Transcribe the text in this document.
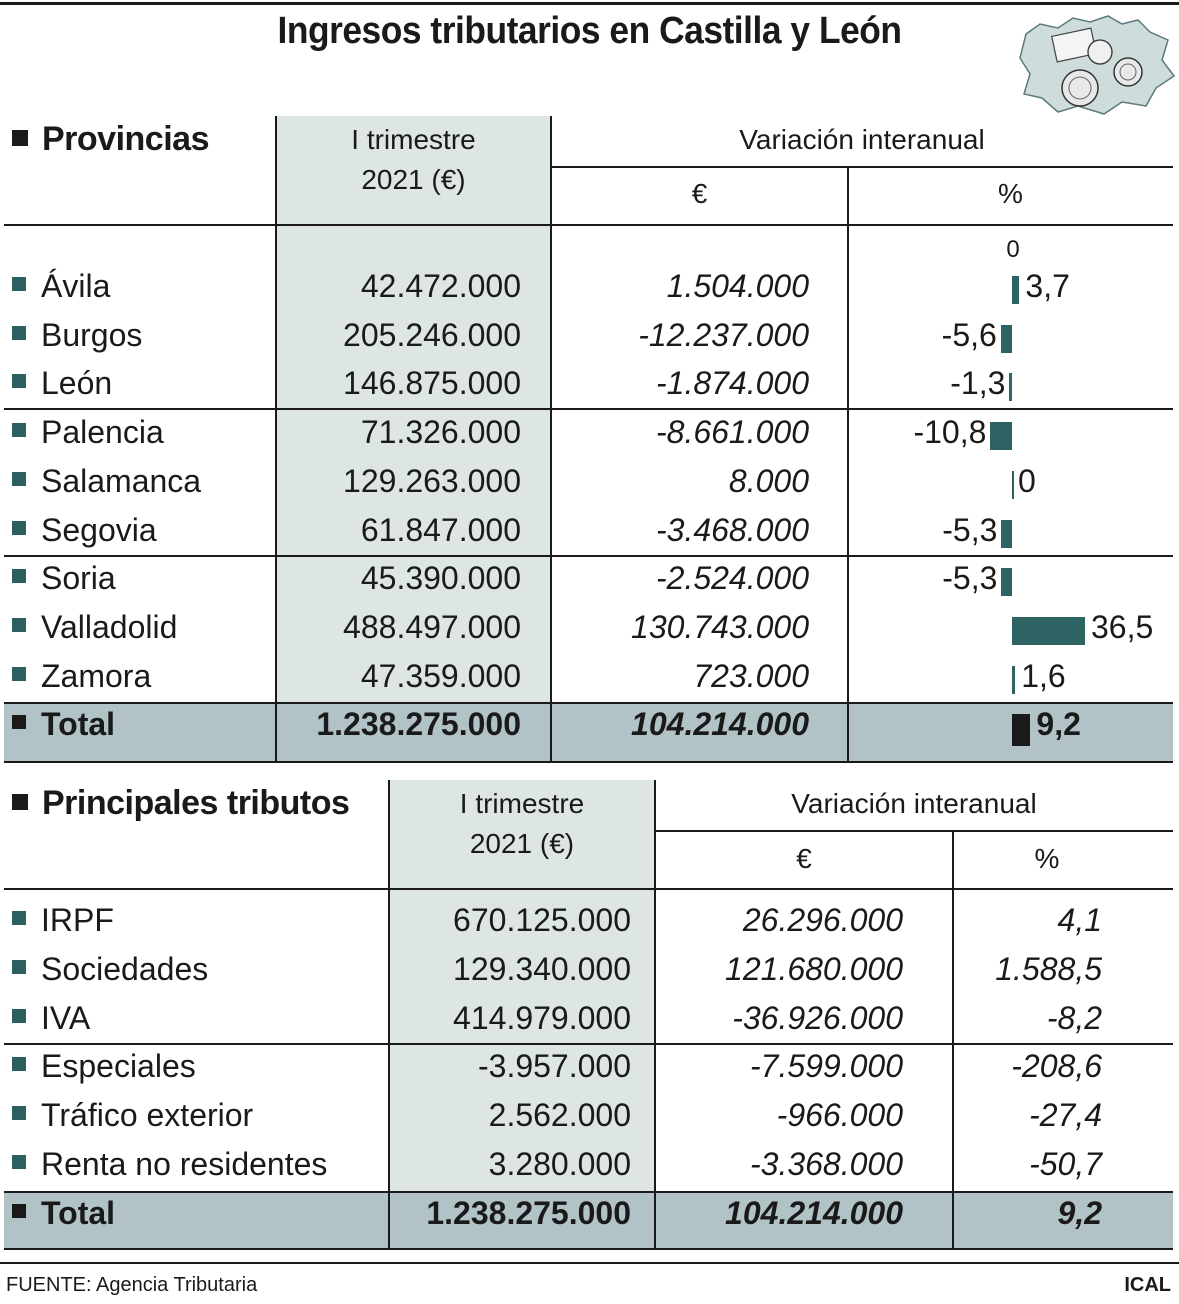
Ingresos tributarios en Castilla y León
Provincias	I trimestre
2021 (€)
Variación interanual
€	%
0
Ávila	42.472.000	1.504.000	3,7
Burgos	205.246.000	-12.237.000	-5,6
León	146.875.000	-1.874.000	-1,3
Palencia	71.326.000	-8.661.000	-10,8
Salamanca	129.263.000	8.000	0
Segovia	61.847.000	-3.468.000	-5,3
Soria	45.390.000	-2.524.000	-5,3
Valladolid	488.497.000	130.743.000	36,5
Zamora	47.359.000	723.000	1,6
Total	1.238.275.000	104.214.000	9,2
Principales tributos	I trimestre
2021 (€)
Variación interanual
€	%
IRPF	670.125.000	26.296.000	4,1
Sociedades	129.340.000	121.680.000	1.588,5
IVA	414.979.000	-36.926.000	-8,2
Especiales	-3.957.000	-7.599.000	-208,6
Tráfico exterior	2.562.000	-966.000	-27,4
Renta no residentes	3.280.000	-3.368.000	-50,7
Total	1.238.275.000	104.214.000	9,2
FUENTE: Agencia Tributaria	ICAL
